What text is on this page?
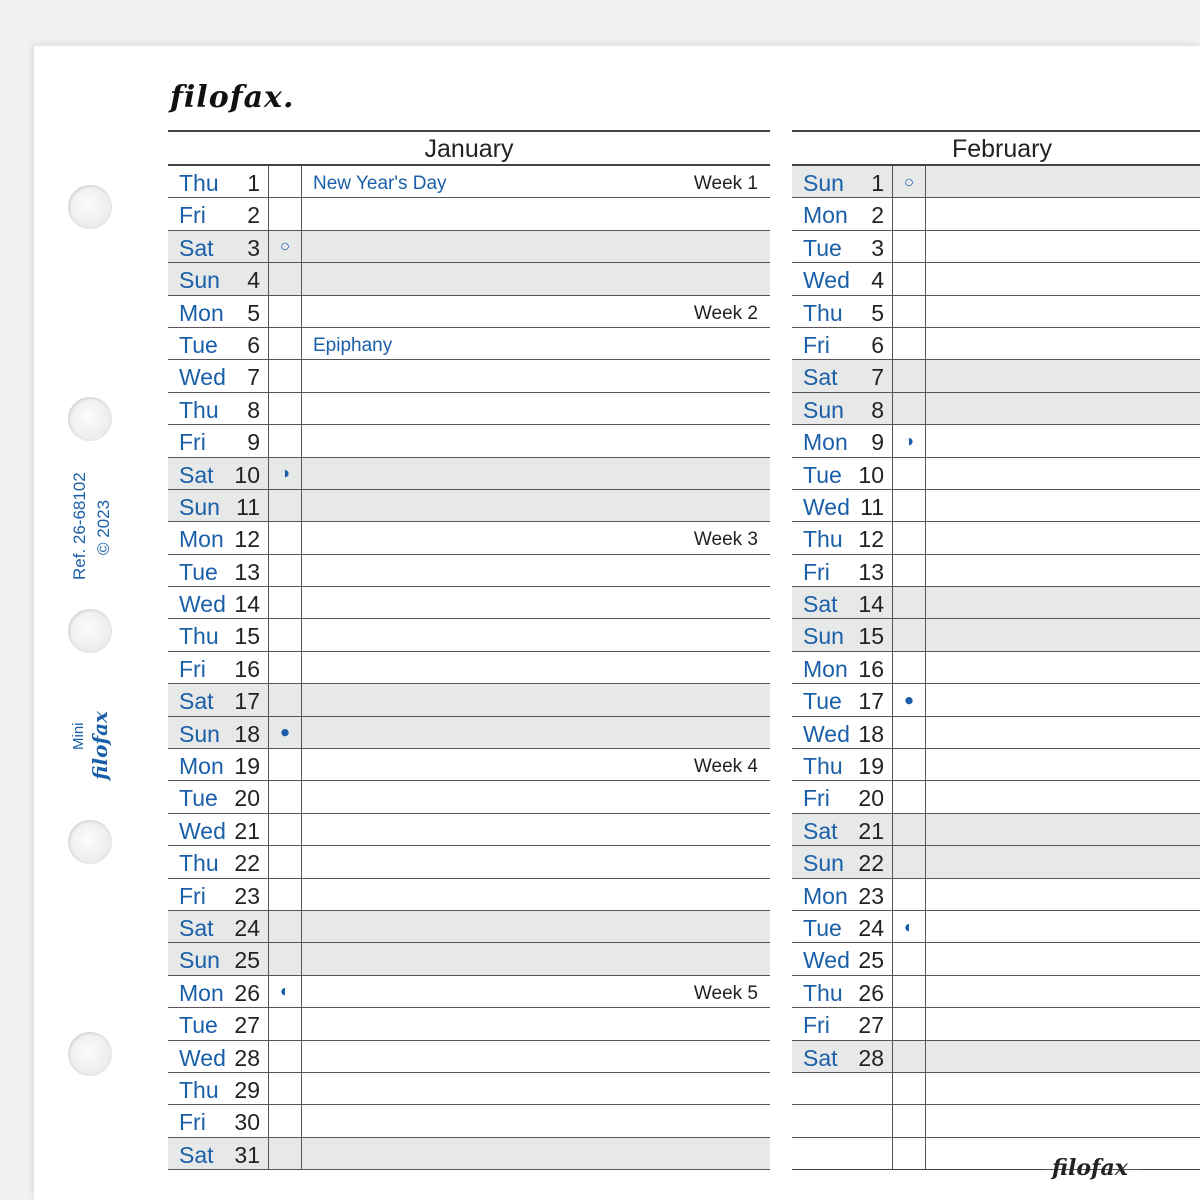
filofax.
Ref. 26-68102 © 2023
Mini filofax
January
Thu	1	New Year's Day	Week 1
Fri	2
Sat	3 ○
Sun	4
Mon	5	Week 2
Tue	6	Epiphany
Wed 7
Thu	8
Fri	9
Sat 10 ◑
Sun 11
Mon 12	Week 3
Tue 13
Wed 14
Thu 15
Fri	16
Sat 17
Sun 18 ●
Mon 19	Week 4
Tue 20
Wed 21
Thu 22
Fri	23
Sat 24
Sun 25
Mon 26 ◐	Week 5
Tue 27
Wed 28
Thu 29
Fri	30
Sat 31
February
Sun	1 ○
Mon	2
Tue	3
Wed 4
Thu	5
Fri	6
Sat	7
Sun	8
Mon	9 ◑
Tue 10
Wed 11
Thu 12
Fri	13
Sat 14
Sun 15
Mon 16
Tue 17 ●
Wed 18
Thu 19
Fri	20
Sat 21
Sun 22
Mon 23
Tue 24 ◐
Wed 25
Thu 26
Fri	27
Sat 28
filofax
